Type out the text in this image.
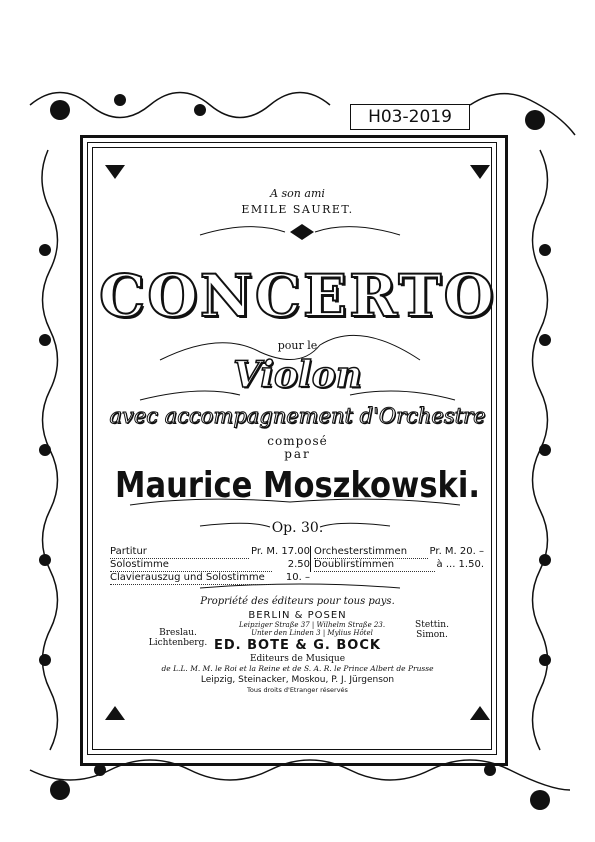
H03-2019
A son ami
EMILE SAURET.
CONCERTO
pour le
Violon
avec accompagnement d'Orchestre
composé
par
Maurice Moszkowski.
Op. 30.
Partitur	Pr. M. 17.00 Orchesterstimmen	Pr. M. 20. –
Solostimme	2.50 Doublirstimmen	à ... 1.50.
Clavierauszug und Solostimme	10. –
Propriété des éditeurs pour tous pays.
BERLIN & POSEN
Leipziger Straße 37 | Wilhelm Straße 23.
Unter den Linden 3 | Mylius Hôtel
Breslau. Lichtenberg.
Stettin. Simon.
ED. BOTE & G. BOCK
Editeurs de Musique
de L.L. M. M. le Roi et la Reine et de S. A. R. le Prince Albert de Prusse
Leipzig, Steinacker, Moskou, P. J. Jürgenson
Tous droits d'Etranger réservés
